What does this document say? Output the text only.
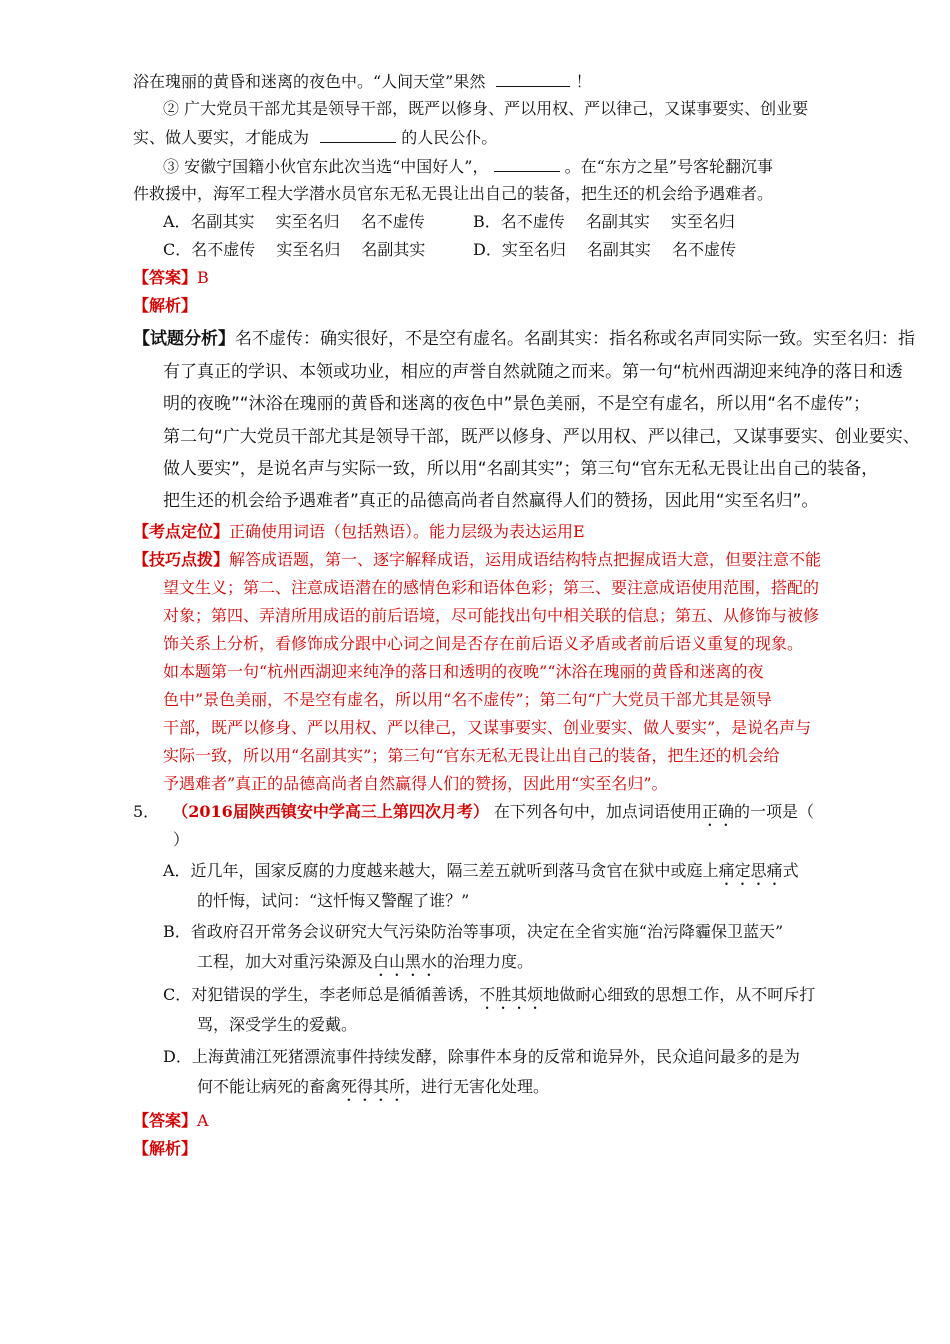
浴在瑰丽的黄昏和迷离的夜色中。“人间天堂”果然	！
② 广大党员干部尤其是领导干部，既严以修身、严以用权、严以律己，又谋事要实、创业要
实、做人要实，才能成为	的人民公仆。
③ 安徽宁国籍小伙官东此次当选“中国好人”，	。在“东方之星”号客轮翻沉事
件救援中，海军工程大学潜水员官东无私无畏让出自己的装备，把生还的机会给予遇难者。
A．名副其实　 实至名归　 名不虚传	B．名不虚传　 名副其实　 实至名归
C．名不虚传　 实至名归　 名副其实	D．实至名归　 名副其实　 名不虚传
【答案】B
【解析】
【试题分析】名不虚传：确实很好，不是空有虚名。名副其实：指名称或名声同实际一致。实至名归：指
有了真正的学识、本领或功业，相应的声誉自然就随之而来。第一句“杭州西湖迎来纯净的落日和透
明的夜晚”“沐浴在瑰丽的黄昏和迷离的夜色中”景色美丽，不是空有虚名，所以用“名不虚传”；
第二句“广大党员干部尤其是领导干部，既严以修身、严以用权、严以律己，又谋事要实、创业要实、
做人要实”，是说名声与实际一致，所以用“名副其实”；第三句“官东无私无畏让出自己的装备，
把生还的机会给予遇难者”真正的品德高尚者自然赢得人们的赞扬，因此用“实至名归”。
【考点定位】正确使用词语（包括熟语）。能力层级为表达运用E
【技巧点拨】解答成语题，第一、逐字解释成语，运用成语结构特点把握成语大意，但要注意不能
望文生义；第二、注意成语潜在的感情色彩和语体色彩；第三、要注意成语使用范围，搭配的
对象；第四、弄清所用成语的前后语境，尽可能找出句中相关联的信息；第五、从修饰与被修
饰关系上分析，看修饰成分跟中心词之间是否存在前后语义矛盾或者前后语义重复的现象。
如本题第一句“杭州西湖迎来纯净的落日和透明的夜晚”“沐浴在瑰丽的黄昏和迷离的夜
色中”景色美丽，不是空有虚名，所以用“名不虚传”；第二句“广大党员干部尤其是领导
干部，既严以修身、严以用权、严以律己，又谋事要实、创业要实、做人要实”，是说名声与
实际一致，所以用“名副其实”；第三句“官东无私无畏让出自己的装备，把生还的机会给
予遇难者”真正的品德高尚者自然赢得人们的赞扬，因此用“实至名归”。
5． （2016届陕西镇安中学高三上第四次月考） 在下列各句中，加点词语使用正确的一项是（
）
A．近几年，国家反腐的力度越来越大，隔三差五就听到落马贪官在狱中或庭上痛定思痛式
的忏悔，试问：“这忏悔又警醒了谁？”
B．省政府召开常务会议研究大气污染防治等事项，决定在全省实施“治污降霾保卫蓝天”
工程，加大对重污染源及白山黑水的治理力度。
C．对犯错误的学生，李老师总是循循善诱，不胜其烦地做耐心细致的思想工作，从不呵斥打
骂，深受学生的爱戴。
D．上海黄浦江死猪漂流事件持续发酵，除事件本身的反常和诡异外，民众追问最多的是为
何不能让病死的畜禽死得其所，进行无害化处理。
【答案】A
【解析】
